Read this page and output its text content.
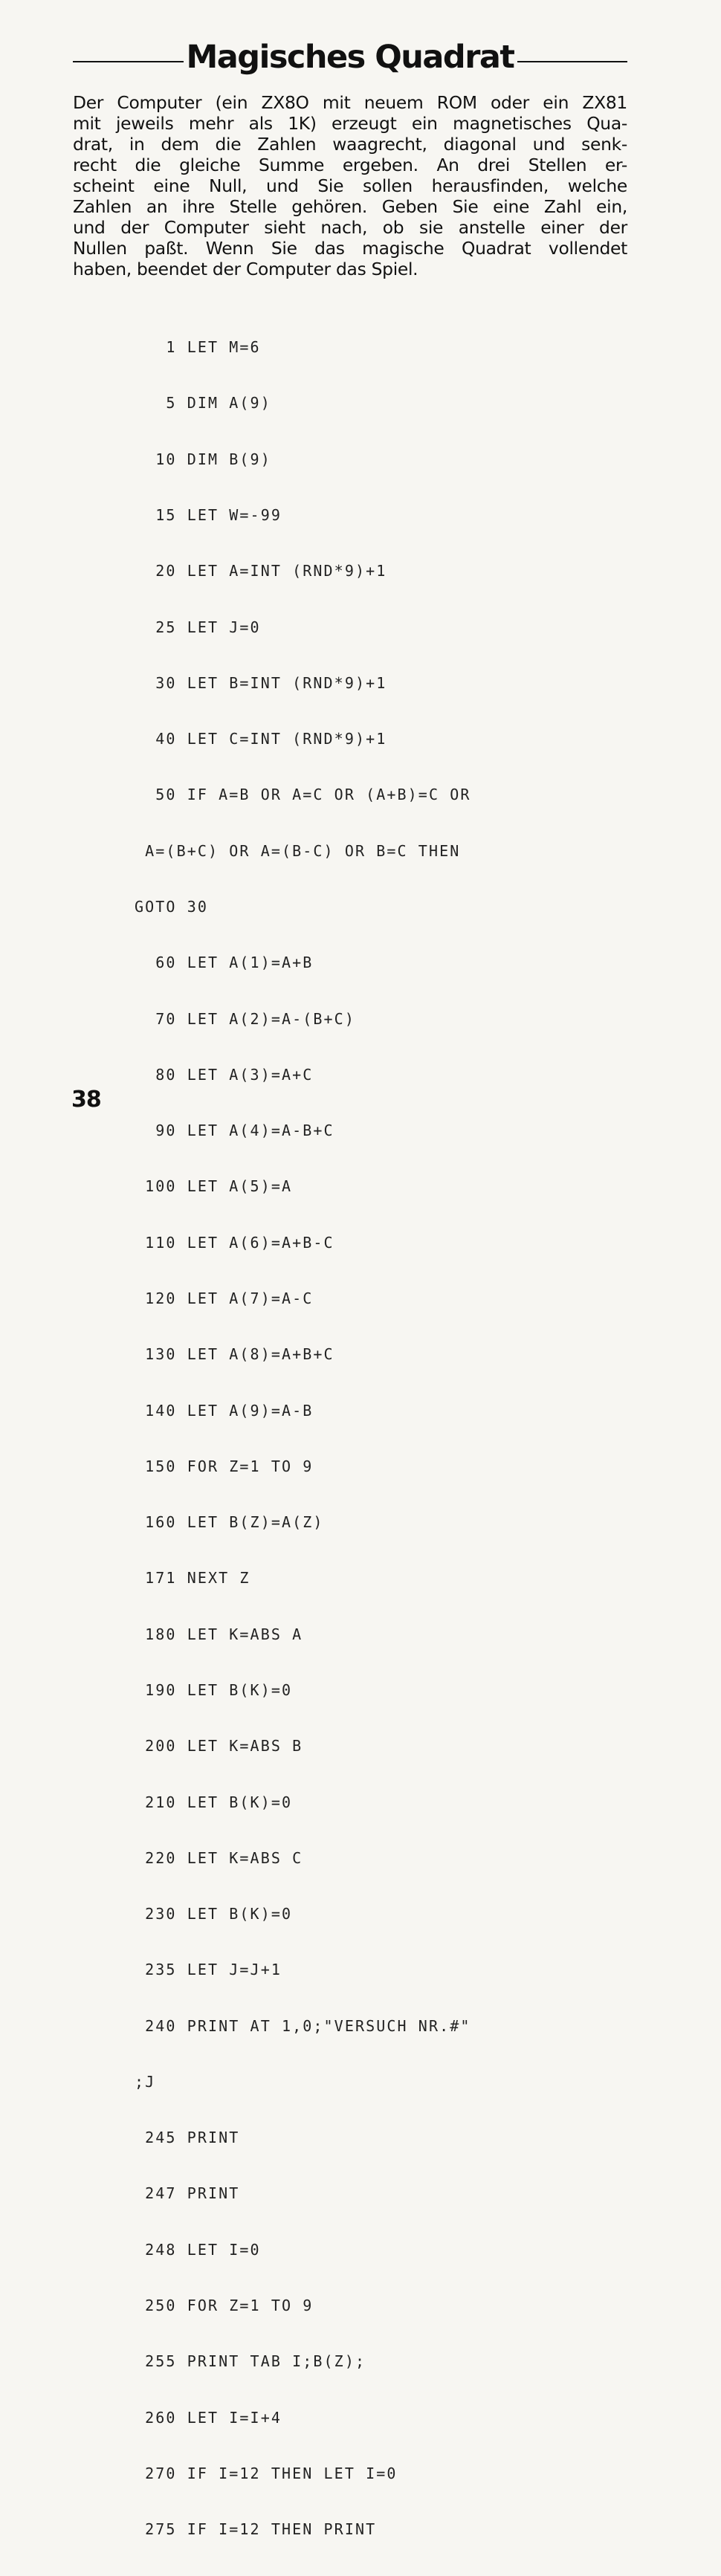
Magisches Quadrat
Der Computer (ein ZX8O mit neuem ROM oder ein ZX81
mit jeweils mehr als 1K) erzeugt ein magnetisches Qua-
drat, in dem die Zahlen waagrecht, diagonal und senk-
recht die gleiche Summe ergeben. An drei Stellen er-
scheint eine Null, und Sie sollen herausfinden, welche
Zahlen an ihre Stelle gehören. Geben Sie eine Zahl ein,
und der Computer sieht nach, ob sie anstelle einer der
Nullen paßt. Wenn Sie das magische Quadrat vollendet
haben, beendet der Computer das Spiel.

1 LET M=6

5 DIM A(9)

10 DIM B(9)

15 LET W=-99

20 LET A=INT (RND*9)+1

25 LET J=0

30 LET B=INT (RND*9)+1

40 LET C=INT (RND*9)+1

50 IF A=B OR A=C OR (A+B)=C OR

A=(B+C) OR A=(B-C) OR B=C THEN

GOTO 30

60 LET A(1)=A+B

70 LET A(2)=A-(B+C)

80 LET A(3)=A+C

90 LET A(4)=A-B+C

100 LET A(5)=A

110 LET A(6)=A+B-C

120 LET A(7)=A-C

130 LET A(8)=A+B+C

140 LET A(9)=A-B

150 FOR Z=1 TO 9

160 LET B(Z)=A(Z)

171 NEXT Z

180 LET K=ABS A

190 LET B(K)=0

200 LET K=ABS B

210 LET B(K)=0

220 LET K=ABS C

230 LET B(K)=0

235 LET J=J+1

240 PRINT AT 1,0;"VERSUCH NR.#"

;J

245 PRINT

247 PRINT

248 LET I=0

250 FOR Z=1 TO 9

255 PRINT TAB I;B(Z);

260 LET I=I+4

270 IF I=12 THEN LET I=0

275 IF I=12 THEN PRINT

38
